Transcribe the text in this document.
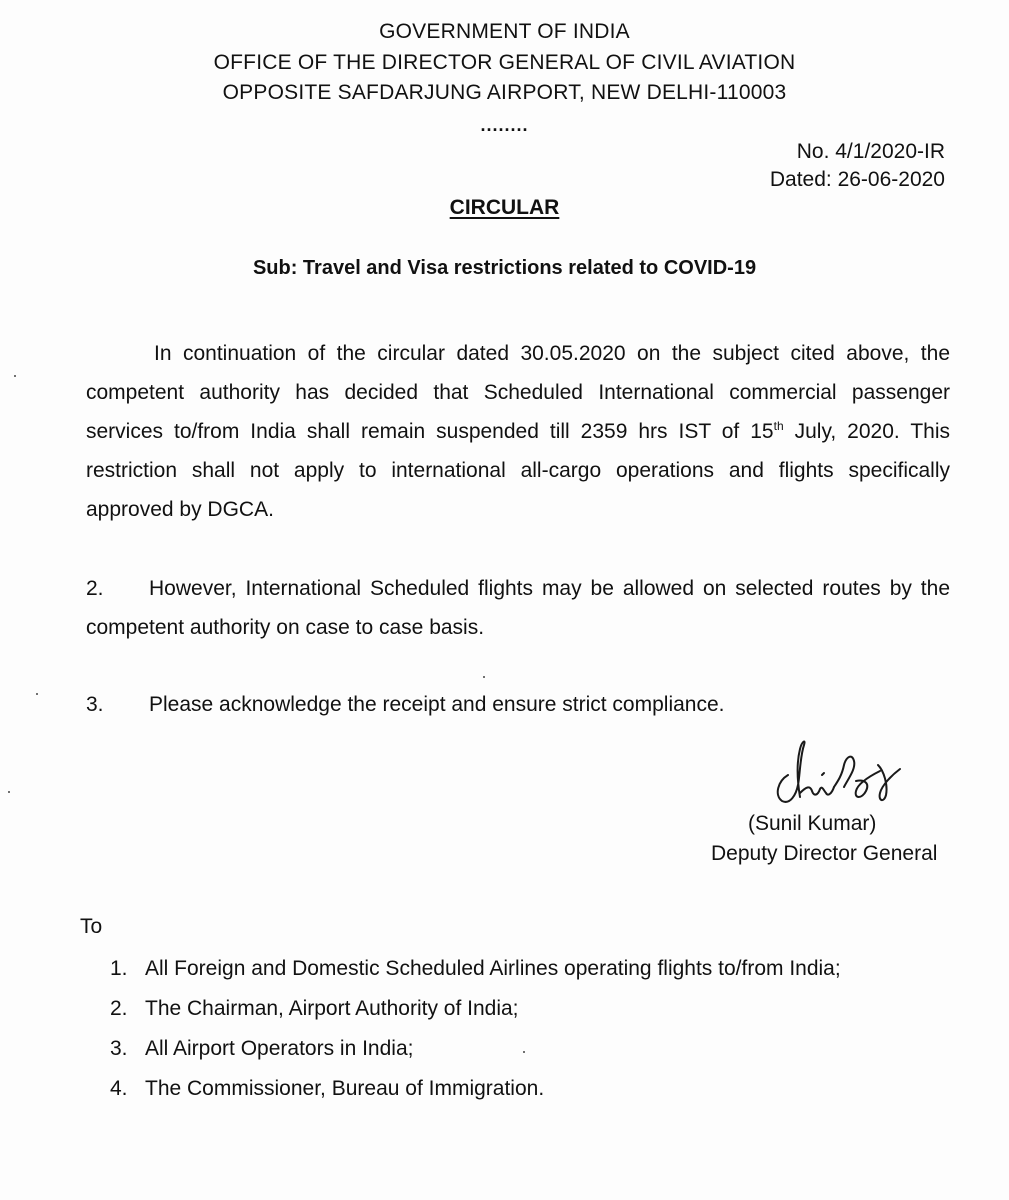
GOVERNMENT OF INDIA
OFFICE OF THE DIRECTOR GENERAL OF CIVIL AVIATION
OPPOSITE SAFDARJUNG AIRPORT, NEW DELHI-110003
........
No. 4/1/2020-IR
Dated: 26-06-2020
CIRCULAR
Sub: Travel and Visa restrictions related to COVID-19
In continuation of the circular dated 30.05.2020 on the subject cited above, the competent authority has decided that Scheduled International commercial passenger services to/from India shall remain suspended till 2359 hrs IST of 15th July, 2020. This restriction shall not apply to international all-cargo operations and flights specifically approved by DGCA.
2. However, International Scheduled flights may be allowed on selected routes by the competent authority on case to case basis.
3. Please acknowledge the receipt and ensure strict compliance.
(Sunil Kumar)
Deputy Director General
To
1. All Foreign and Domestic Scheduled Airlines operating flights to/from India;
2. The Chairman, Airport Authority of India;
3. All Airport Operators in India;
4. The Commissioner, Bureau of Immigration.
